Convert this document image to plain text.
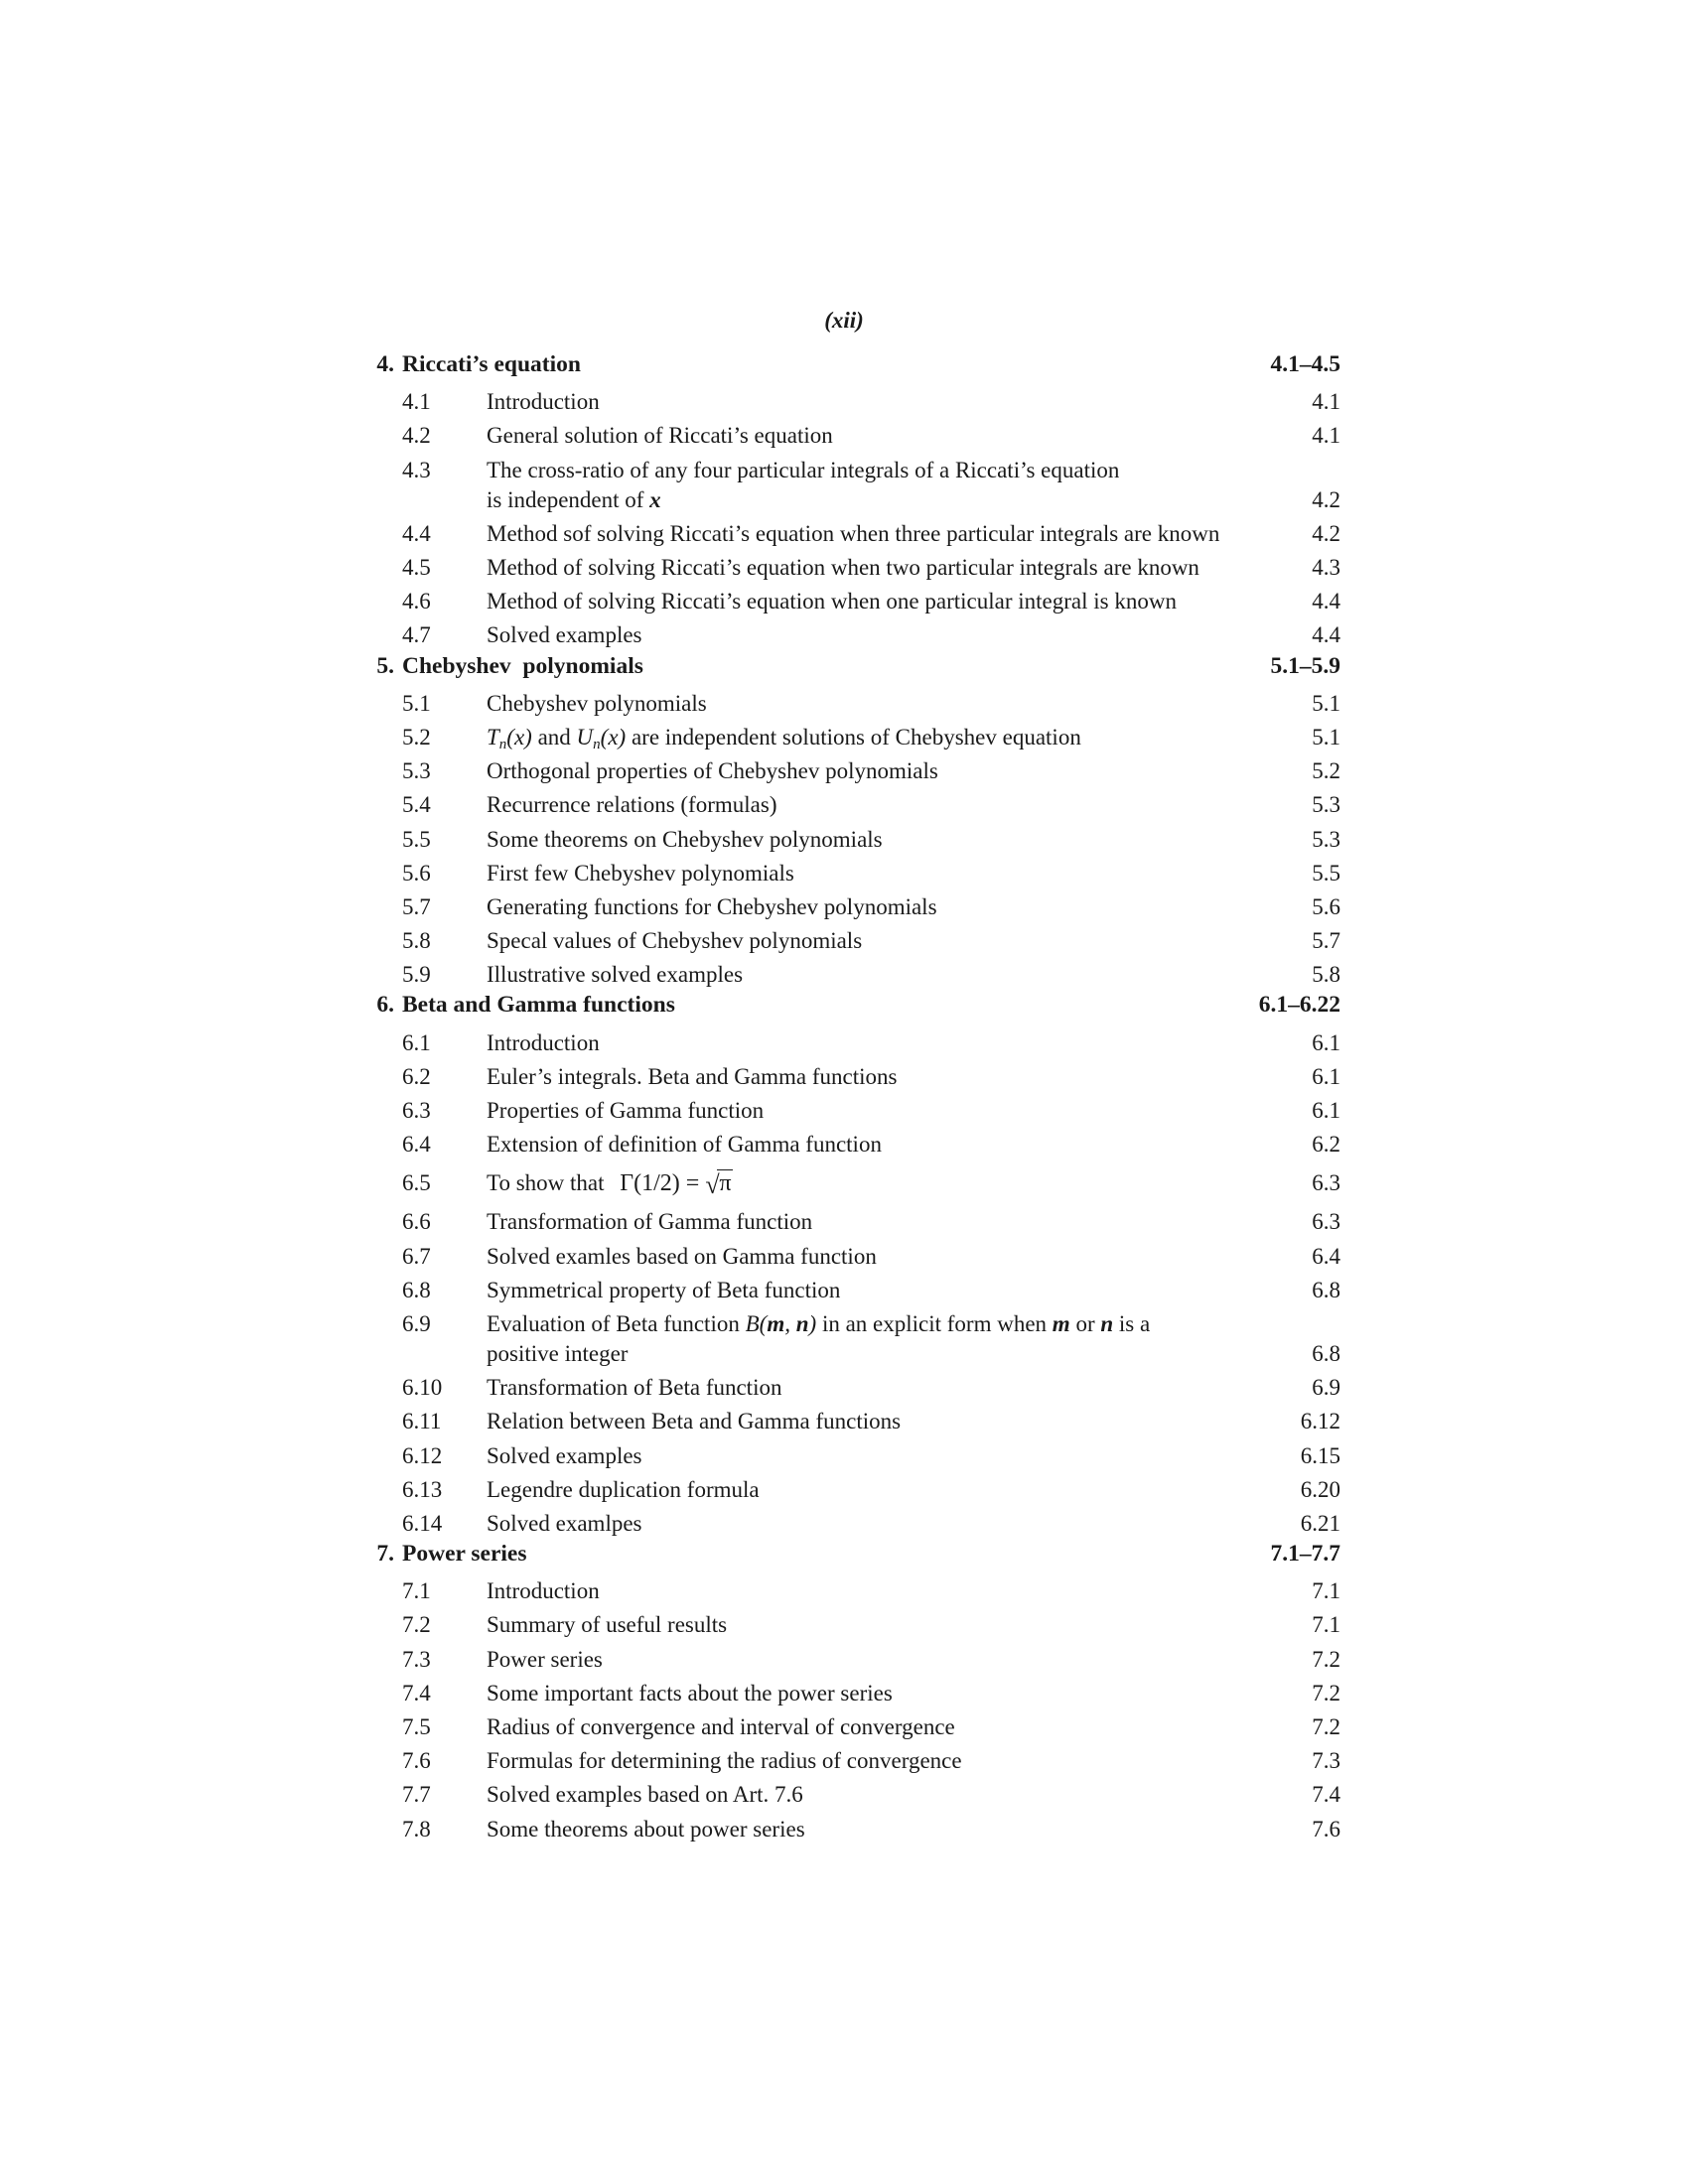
(xii)
4. Riccati’s equation	4.1–4.5
4.1	Introduction	4.1
4.2	General solution of Riccati’s equation	4.1
4.3	The cross-ratio of any four particular integrals of a Riccati’s equation
is independent of x	4.2
4.4	Method sof solving Riccati’s equation when three particular integrals are known	4.2
4.5	Method of solving Riccati’s equation when two particular integrals are known	4.3
4.6	Method of solving Riccati’s equation when one particular integral is known	4.4
4.7	Solved examples	4.4
5. Chebyshev  polynomials	5.1–5.9
5.1	Chebyshev polynomials	5.1
5.2	$T_n(x)$ and $U_n(x)$ are independent solutions of Chebyshev equation	5.1
5.3	Orthogonal properties of Chebyshev polynomials	5.2
5.4	Recurrence relations (formulas)	5.3
5.5	Some theorems on Chebyshev polynomials	5.3
5.6	First few Chebyshev polynomials	5.5
5.7	Generating functions for Chebyshev polynomials	5.6
5.8	Specal values of Chebyshev polynomials	5.7
5.9	Illustrative solved examples	5.8
6. Beta and Gamma functions	6.1–6.22
6.1	Introduction	6.1
6.2	Euler’s integrals. Beta and Gamma functions	6.1
6.3	Properties of Gamma function	6.1
6.4	Extension of definition of Gamma function	6.2
6.5	To show that Γ(1/2) = √ π	6.3
6.6	Transformation of Gamma function	6.3
6.7	Solved examles based on Gamma function	6.4
6.8	Symmetrical property of Beta function	6.8
6.9	Evaluation of Beta function B(m, n) in an explicit form when m or n is a
positive integer	6.8
6.10	Transformation of Beta function	6.9
6.11	Relation between Beta and Gamma functions	6.12
6.12	Solved examples	6.15
6.13	Legendre duplication formula	6.20
6.14	Solved examlpes	6.21
7. Power series	7.1–7.7
7.1	Introduction	7.1
7.2	Summary of useful results	7.1
7.3	Power series	7.2
7.4	Some important facts about the power series	7.2
7.5	Radius of convergence and interval of convergence	7.2
7.6	Formulas for determining the radius of convergence	7.3
7.7	Solved examples based on Art. 7.6	7.4
7.8	Some theorems about power series	7.6
